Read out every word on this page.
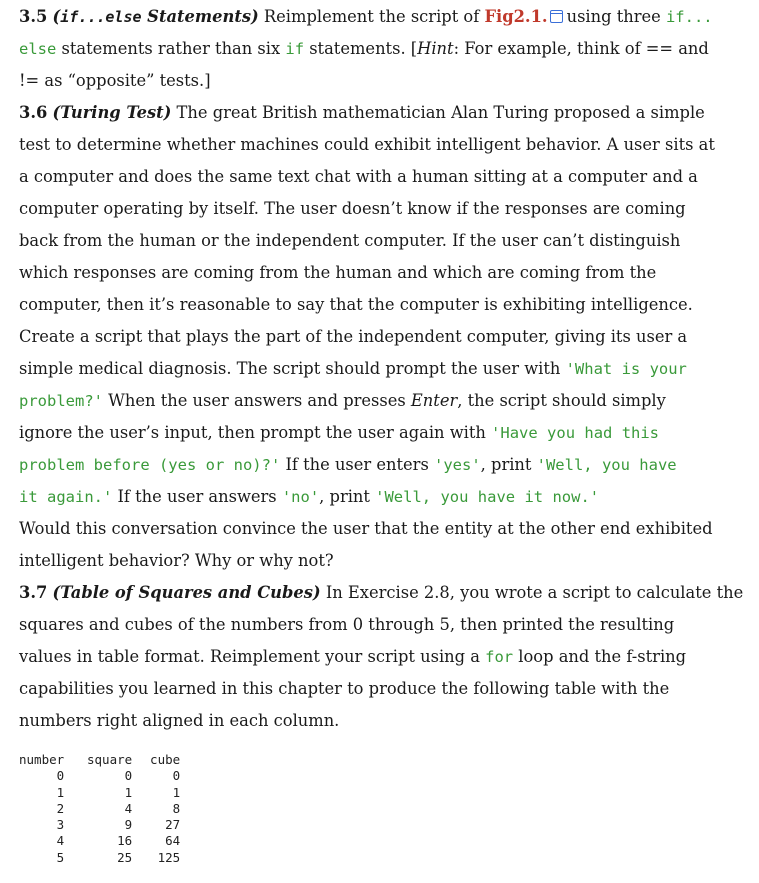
3.5 (if...else Statements) Reimplement the script of Fig2.1. using three if...
else statements rather than six if statements. [Hint: For example, think of == and
!= as “opposite” tests.]
3.6 (Turing Test) The great British mathematician Alan Turing proposed a simple
test to determine whether machines could exhibit intelligent behavior. A user sits at
a computer and does the same text chat with a human sitting at a computer and a
computer operating by itself. The user doesn’t know if the responses are coming
back from the human or the independent computer. If the user can’t distinguish
which responses are coming from the human and which are coming from the
computer, then it’s reasonable to say that the computer is exhibiting intelligence.
Create a script that plays the part of the independent computer, giving its user a
simple medical diagnosis. The script should prompt the user with 'What is your
problem?' When the user answers and presses Enter, the script should simply
ignore the user’s input, then prompt the user again with 'Have you had this
problem before (yes or no)?' If the user enters 'yes', print 'Well, you have
it again.' If the user answers 'no', print 'Well, you have it now.'
Would this conversation convince the user that the entity at the other end exhibited
intelligent behavior? Why or why not?
3.7 (Table of Squares and Cubes) In Exercise 2.8, you wrote a script to calculate the
squares and cubes of the numbers from 0 through 5, then printed the resulting
values in table format. Reimplement your script using a for loop and the f-string
capabilities you learned in this chapter to produce the following table with the
numbers right aligned in each column.
number	square	cube
0	0	0
1	1	1
2	4	8
3	9	27
4	16	64
5	25	125
